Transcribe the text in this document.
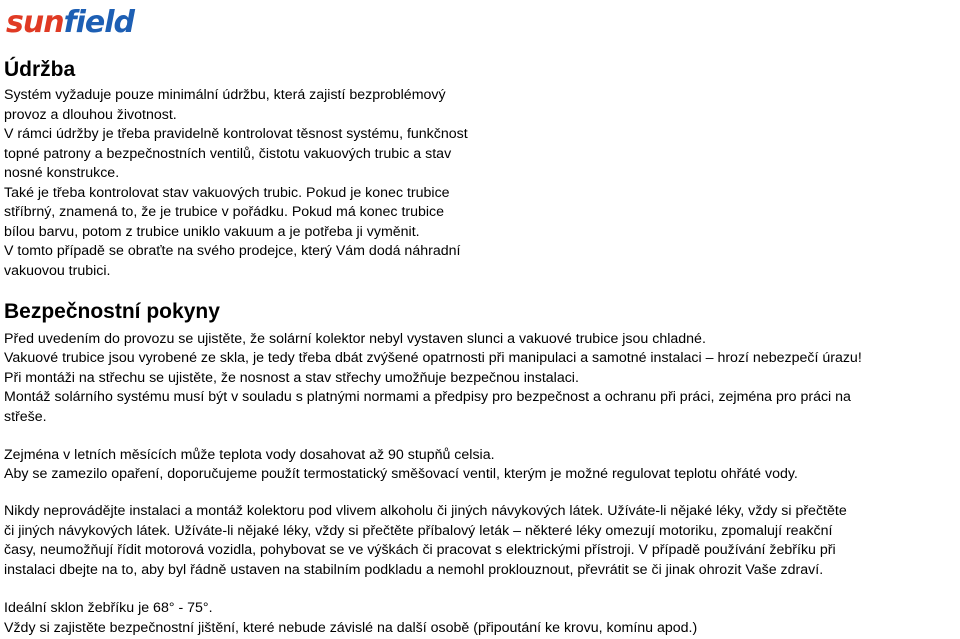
sunfield
Údržba
Systém vyžaduje pouze minimální údržbu, která zajistí bezproblémový
provoz a dlouhou životnost.
V rámci údržby je třeba pravidelně kontrolovat těsnost systému, funkčnost
topné patrony a bezpečnostních ventilů, čistotu vakuových trubic a stav
nosné konstrukce.
Také je třeba kontrolovat stav vakuových trubic. Pokud je konec trubice
stříbrný, znamená to, že je trubice v pořádku. Pokud má konec trubice
bílou barvu, potom z trubice uniklo vakuum a je potřeba ji vyměnit.
V tomto případě se obraťte na svého prodejce, který Vám dodá náhradní
vakuovou trubici.
Bezpečnostní pokyny
Před uvedením do provozu se ujistěte, že solární kolektor nebyl vystaven slunci a vakuové trubice jsou chladné.
Vakuové trubice jsou vyrobené ze skla, je tedy třeba dbát zvýšené opatrnosti při manipulaci a samotné instalaci – hrozí nebezpečí úrazu!
Při montáži na střechu se ujistěte, že nosnost a stav střechy umožňuje bezpečnou instalaci.
Montáž solárního systému musí být v souladu s platnými normami a předpisy pro bezpečnost a ochranu při práci, zejména pro práci na
střeše.
Zejména v letních měsících může teplota vody dosahovat až 90 stupňů celsia.
Aby se zamezilo opaření, doporučujeme použít termostatický směšovací ventil, kterým je možné regulovat teplotu ohřáté vody.
Nikdy neprovádějte instalaci a montáž kolektoru pod vlivem alkoholu či jiných návykových látek. Užíváte-li nějaké léky, vždy si přečtěte
či jiných návykových látek. Užíváte-li nějaké léky, vždy si přečtěte příbalový leták – některé léky omezují motoriku, zpomalují reakční
časy, neumožňují řídit motorová vozidla, pohybovat se ve výškách či pracovat s elektrickými přístroji. V případě používání žebříku při
instalaci dbejte na to, aby byl řádně ustaven na stabilním podkladu a nemohl proklouznout, převrátit se či jinak ohrozit Vaše zdraví.
Ideální sklon žebříku je 68° - 75°.
Vždy si zajistěte bezpečnostní jištění, které nebude závislé na další osobě (připoutání ke krovu, komínu apod.)
